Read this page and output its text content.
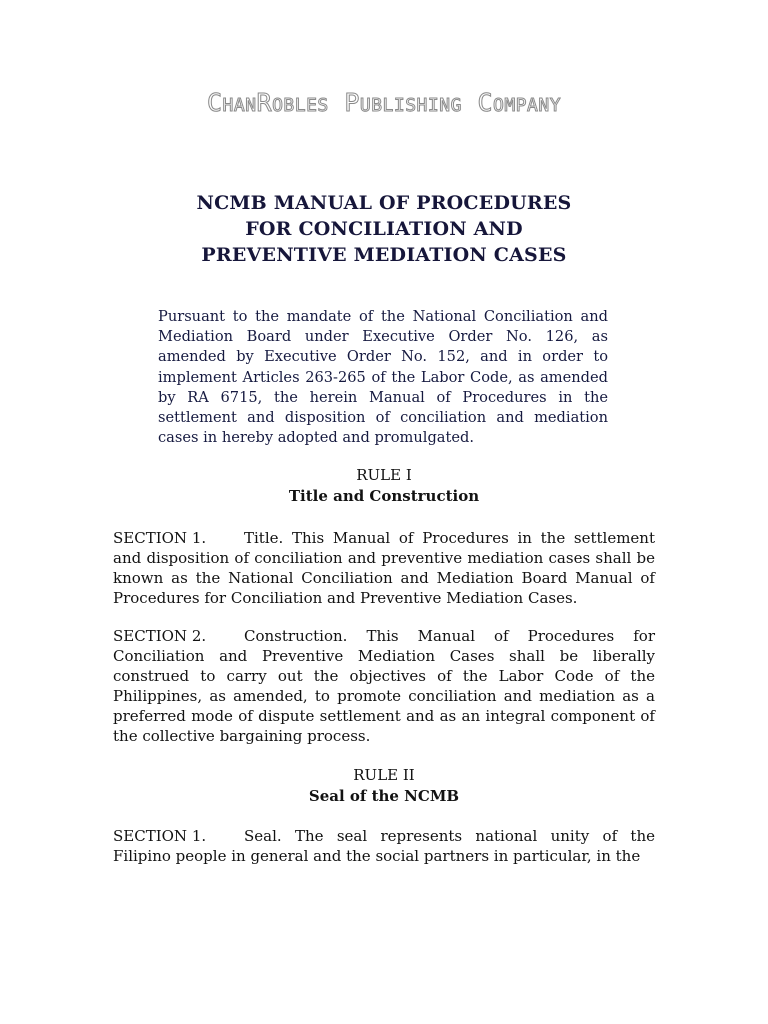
ChanRobles Publishing Company
NCMB MANUAL OF PROCEDURES
FOR CONCILIATION AND
PREVENTIVE MEDIATION CASES
Pursuant to the mandate of the National Conciliation and Mediation Board under Executive Order No. 126, as amended by Executive Order No. 152, and in order to implement Articles 263-265 of the Labor Code, as amended by RA 6715, the herein Manual of Procedures in the settlement and disposition of conciliation and mediation cases in hereby adopted and promulgated.
RULE I
Title and Construction
SECTION 1.	Title. This Manual of Procedures in the settlement and disposition of conciliation and preventive mediation cases shall be known as the National Conciliation and Mediation Board Manual of Procedures for Conciliation and Preventive Mediation Cases.
SECTION 2.	Construction. This Manual of Procedures for Conciliation and Preventive Mediation Cases shall be liberally construed to carry out the objectives of the Labor Code of the Philippines, as amended, to promote conciliation and mediation as a preferred mode of dispute settlement and as an integral component of the collective bargaining process.
RULE II
Seal of the NCMB
SECTION 1.	Seal. The seal represents national unity of the Filipino people in general and the social partners in particular, in the
